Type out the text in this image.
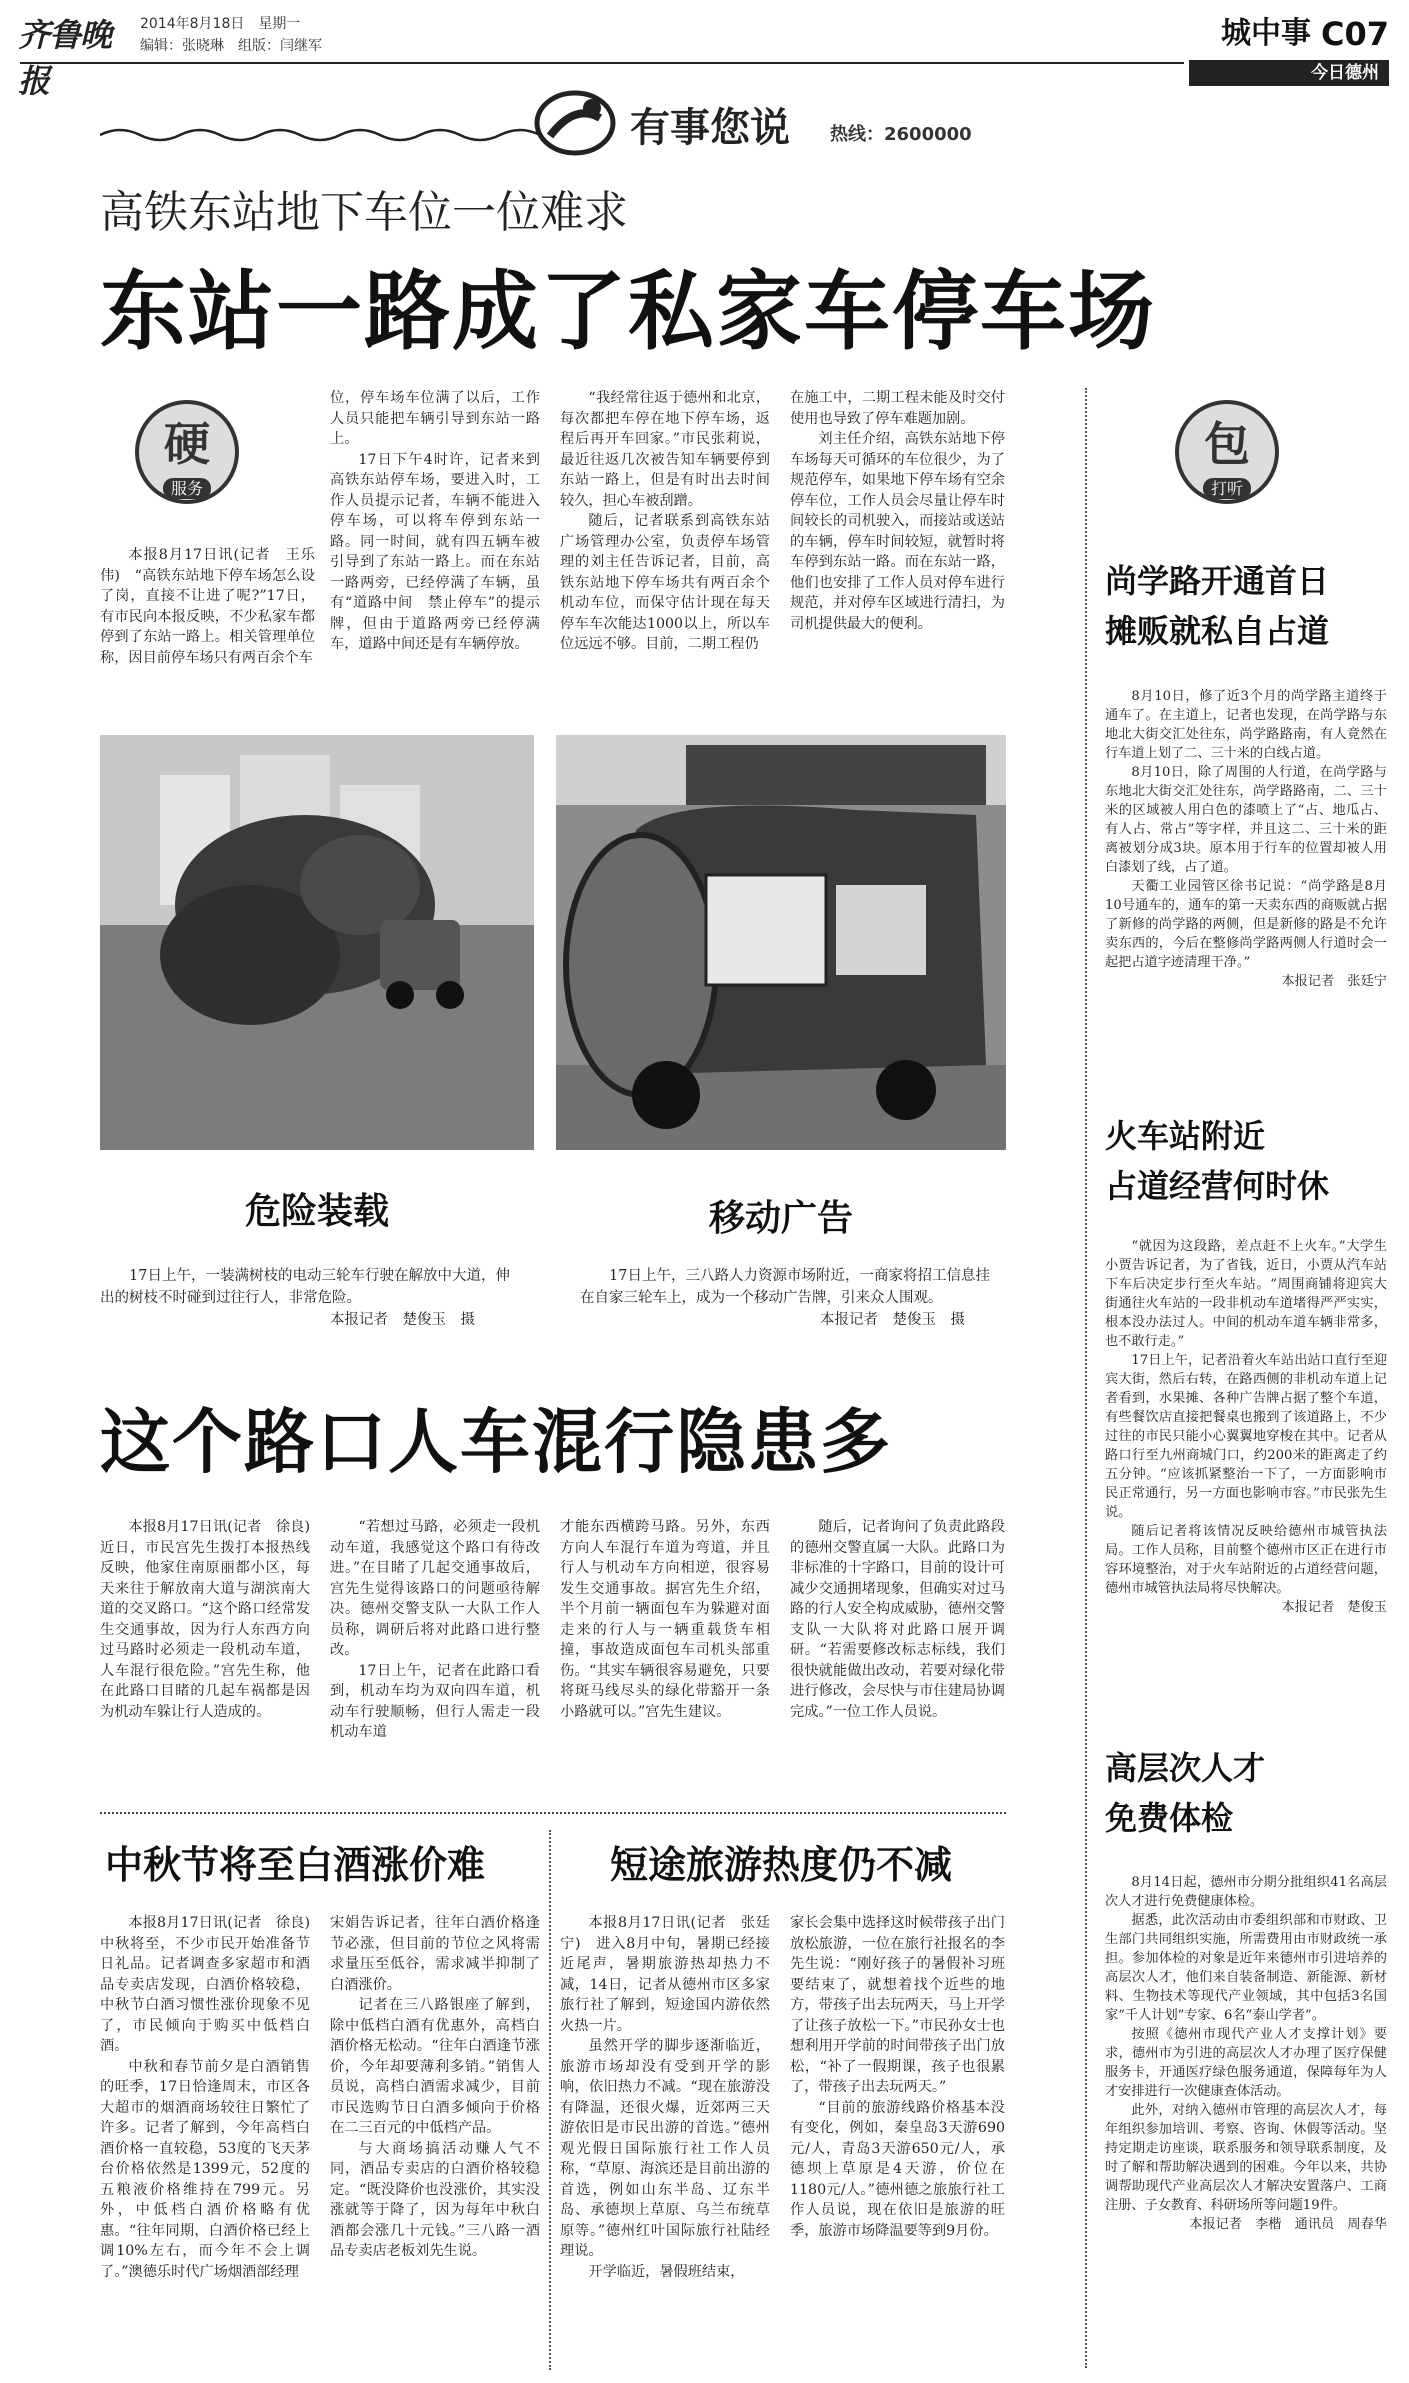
齐鲁晚报
2014年8月18日　星期一
编辑：张晓琳　组版：闫继军	城中事 C07
今日德州
有事您说 热线：2600000
高铁东站地下车位一位难求
东站一路成了私家车停车场
硬
服务

本报8月17日讯(记者　王乐伟)　“高铁东站地下停车场怎么设了岗，直接不让进了呢?”17日，有市民向本报反映，不少私家车都停到了东站一路上。相关管理单位称，因目前停车场只有两百余个车

位，停车场车位满了以后，工作人员只能把车辆引导到东站一路上。

17日下午4时许，记者来到高铁东站停车场，要进入时，工作人员提示记者，车辆不能进入停车场，可以将车停到东站一路。同一时间，就有四五辆车被引导到了东站一路上。而在东站一路两旁，已经停满了车辆，虽有“道路中间　禁止停车”的提示牌，但由于道路两旁已经停满车，道路中间还是有车辆停放。

“我经常往返于德州和北京，每次都把车停在地下停车场，返程后再开车回家。”市民张莉说，最近往返几次被告知车辆要停到东站一路上，但是有时出去时间较久，担心车被刮蹭。

随后，记者联系到高铁东站广场管理办公室，负责停车场管理的刘主任告诉记者，目前，高铁东站地下停车场共有两百余个机动车位，而保守估计现在每天停车车次能达1000以上，所以车位远远不够。目前，二期工程仍

在施工中，二期工程未能及时交付使用也导致了停车难题加剧。

刘主任介绍，高铁东站地下停车场每天可循环的车位很少，为了规范停车，如果地下停车场有空余停车位，工作人员会尽量让停车时间较长的司机驶入，而接站或送站的车辆，停车时间较短，就暂时将车停到东站一路。而在东站一路，他们也安排了工作人员对停车进行规范，并对停车区域进行清扫，为司机提供最大的便利。

危险装载	移动广告
17日上午，一装满树枝的电动三轮车行驶在解放中大道，伸出的树枝不时碰到过往行人，非常危险。
本报记者　楚俊玉　摄
17日上午，三八路人力资源市场附近，一商家将招工信息挂在自家三轮车上，成为一个移动广告牌，引来众人围观。
本报记者　楚俊玉　摄
这个路口人车混行隐患多

本报8月17日讯(记者　徐良)　近日，市民宫先生拨打本报热线反映，他家住南原丽都小区，每天来往于解放南大道与湖滨南大道的交叉路口。“这个路口经常发生交通事故，因为行人东西方向过马路时必须走一段机动车道，人车混行很危险。”宫先生称，他在此路口目睹的几起车祸都是因为机动车躲让行人造成的。

“若想过马路，必须走一段机动车道，我感觉这个路口有待改进。”在目睹了几起交通事故后，宫先生觉得该路口的问题亟待解决。德州交警支队一大队工作人员称，调研后将对此路口进行整改。

17日上午，记者在此路口看到，机动车均为双向四车道，机动车行驶顺畅，但行人需走一段机动车道

才能东西横跨马路。另外，东西方向人车混行车道为弯道，并且行人与机动车方向相逆，很容易发生交通事故。据宫先生介绍，半个月前一辆面包车为躲避对面走来的行人与一辆重载货车相撞，事故造成面包车司机头部重伤。“其实车辆很容易避免，只要将斑马线尽头的绿化带豁开一条小路就可以。”宫先生建议。

随后，记者询问了负责此路段的德州交警直属一大队。此路口为非标准的十字路口，目前的设计可减少交通拥堵现象，但确实对过马路的行人安全构成威胁，德州交警支队一大队将对此路口展开调研。“若需要修改标志标线，我们很快就能做出改动，若要对绿化带进行修改，会尽快与市住建局协调完成。”一位工作人员说。

中秋节将至白酒涨价难

本报8月17日讯(记者　徐良)　中秋将至，不少市民开始准备节日礼品。记者调查多家超市和酒品专卖店发现，白酒价格较稳，中秋节白酒习惯性涨价现象不见了，市民倾向于购买中低档白酒。

中秋和春节前夕是白酒销售的旺季，17日恰逢周末，市区各大超市的烟酒商场较往日繁忙了许多。记者了解到，今年高档白酒价格一直较稳，53度的飞天茅台价格依然是1399元，52度的五粮液价格维持在799元。另外，中低档白酒价格略有优惠。“往年同期，白酒价格已经上调10%左右，而今年不会上调了。”澳德乐时代广场烟酒部经理

宋娟告诉记者，往年白酒价格逢节必涨，但目前的节位之风将需求量压至低谷，需求减半抑制了白酒涨价。

记者在三八路银座了解到，除中低档白酒有优惠外，高档白酒价格无松动。“往年白酒逢节涨价，今年却要薄利多销。”销售人员说，高档白酒需求减少，目前市民选购节日白酒多倾向于价格在二三百元的中低档产品。

与大商场搞活动赚人气不同，酒品专卖店的白酒价格较稳定。“既没降价也没涨价，其实没涨就等于降了，因为每年中秋白酒都会涨几十元钱。”三八路一酒品专卖店老板刘先生说。

短途旅游热度仍不减

本报8月17日讯(记者　张廷宁)　进入8月中旬，暑期已经接近尾声，暑期旅游热却热力不减，14日，记者从德州市区多家旅行社了解到，短途国内游依然火热一片。

虽然开学的脚步逐渐临近，旅游市场却没有受到开学的影响，依旧热力不减。“现在旅游没有降温，还很火爆，近郊两三天游依旧是市民出游的首选。”德州观光假日国际旅行社工作人员称，“草原、海滨还是目前出游的首选，例如山东半岛、辽东半岛、承德坝上草原、乌兰布统草原等。”德州红叶国际旅行社陆经理说。

开学临近，暑假班结束，

家长会集中选择这时候带孩子出门放松旅游，一位在旅行社报名的李先生说：“刚好孩子的暑假补习班要结束了，就想着找个近些的地方，带孩子出去玩两天，马上开学了让孩子放松一下。”市民孙女士也想利用开学前的时间带孩子出门放松，“补了一假期课，孩子也很累了，带孩子出去玩两天。”

“目前的旅游线路价格基本没有变化，例如，秦皇岛3天游690元/人，青岛3天游650元/人，承德坝上草原是4天游，价位在1180元/人。”德州德之旅旅行社工作人员说，现在依旧是旅游的旺季，旅游市场降温要等到9月份。

包
打听
尚学路开通首日
摊贩就私自占道

8月10日，修了近3个月的尚学路主道终于通车了。在主道上，记者也发现，在尚学路与东地北大街交汇处往东，尚学路路南，有人竟然在行车道上划了二、三十米的白线占道。

8月10日，除了周围的人行道，在尚学路与东地北大街交汇处往东，尚学路路南，二、三十米的区域被人用白色的漆喷上了“占、地瓜占、有人占、常占”等字样，并且这二、三十米的距离被划分成3块。原本用于行车的位置却被人用白漆划了线，占了道。

天衢工业园管区徐书记说：“尚学路是8月10号通车的，通车的第一天卖东西的商贩就占据了新修的尚学路的两侧，但是新修的路是不允许卖东西的，今后在整修尚学路两侧人行道时会一起把占道字迹清理干净。”

本报记者　张廷宁

火车站附近
占道经营何时休

“就因为这段路，差点赶不上火车。”大学生小贾告诉记者，为了省钱，近日，小贾从汽车站下车后决定步行至火车站。“周围商铺将迎宾大街通往火车站的一段非机动车道堵得严严实实，根本没办法过人。中间的机动车道车辆非常多，也不敢行走。”

17日上午，记者沿着火车站出站口直行至迎宾大街，然后右转，在路西侧的非机动车道上记者看到，水果摊、各种广告牌占据了整个车道，有些餐饮店直接把餐桌也搬到了该道路上，不少过往的市民只能小心翼翼地穿梭在其中。记者从路口行至九州商城门口，约200米的距离走了约五分钟。“应该抓紧整治一下了，一方面影响市民正常通行，另一方面也影响市容。”市民张先生说。

随后记者将该情况反映给德州市城管执法局。工作人员称，目前整个德州市区正在进行市容环境整治，对于火车站附近的占道经营问题，德州市城管执法局将尽快解决。

本报记者　楚俊玉

高层次人才
免费体检

8月14日起，德州市分期分批组织41名高层次人才进行免费健康体检。

据悉，此次活动由市委组织部和市财政、卫生部门共同组织实施，所需费用由市财政统一承担。参加体检的对象是近年来德州市引进培养的高层次人才，他们来自装备制造、新能源、新材料、生物技术等现代产业领域，其中包括3名国家“千人计划”专家、6名“泰山学者”。

按照《德州市现代产业人才支撑计划》要求，德州市为引进的高层次人才办理了医疗保健服务卡，开通医疗绿色服务通道，保障每年为人才安排进行一次健康查体活动。

此外，对纳入德州市管理的高层次人才，每年组织参加培训、考察、咨询、休假等活动。坚持定期走访座谈，联系服务和领导联系制度，及时了解和帮助解决遇到的困难。今年以来，共协调帮助现代产业高层次人才解决安置落户、工商注册、子女教育、科研场所等问题19件。

本报记者　李楷　通讯员　周春华
